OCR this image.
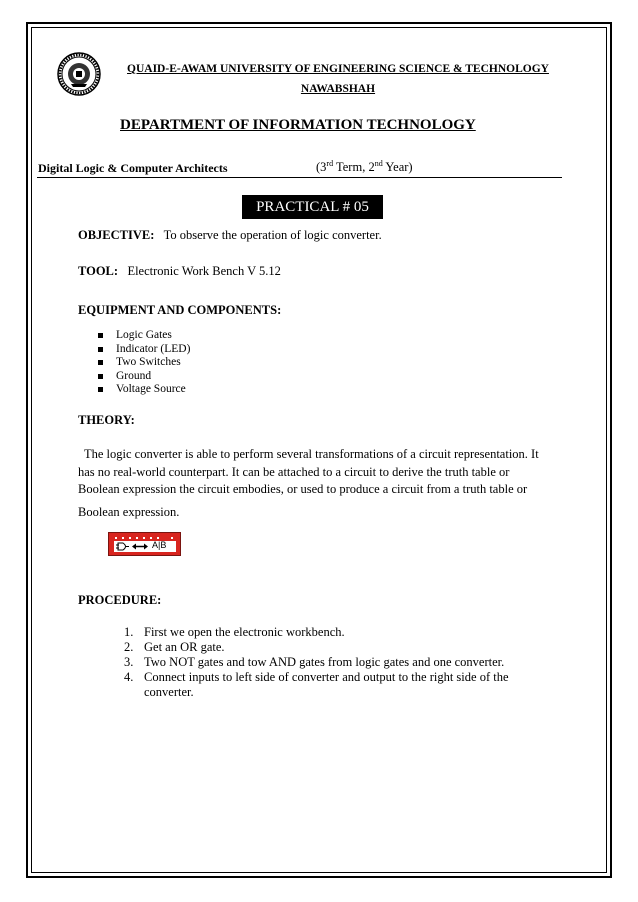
QUAID-E-AWAM UNIVERSITY OF ENGINEERING SCIENCE & TECHNOLOGY
NAWABSHAH
DEPARTMENT OF INFORMATION TECHNOLOGY
Digital Logic & Computer Architects	(3rd Term, 2nd Year)
PRACTICAL # 05
OBJECTIVE: To observe the operation of logic converter.
TOOL: Electronic Work Bench V 5.12
EQUIPMENT AND COMPONENTS:
Logic Gates
Indicator (LED)
Two Switches
Ground
Voltage Source
THEORY:
The logic converter is able to perform several transformations of a circuit representation. It
has no real-world counterpart. It can be attached to a circuit to derive the truth table or
Boolean expression the circuit embodies, or used to produce a circuit from a truth table or
Boolean expression.
A|B
PROCEDURE:
1. First we open the electronic workbench.
2. Get an OR gate.
3. Two NOT gates and tow AND gates from logic gates and one converter.
4. Connect inputs to left side of converter and output to the right side of the
converter.
